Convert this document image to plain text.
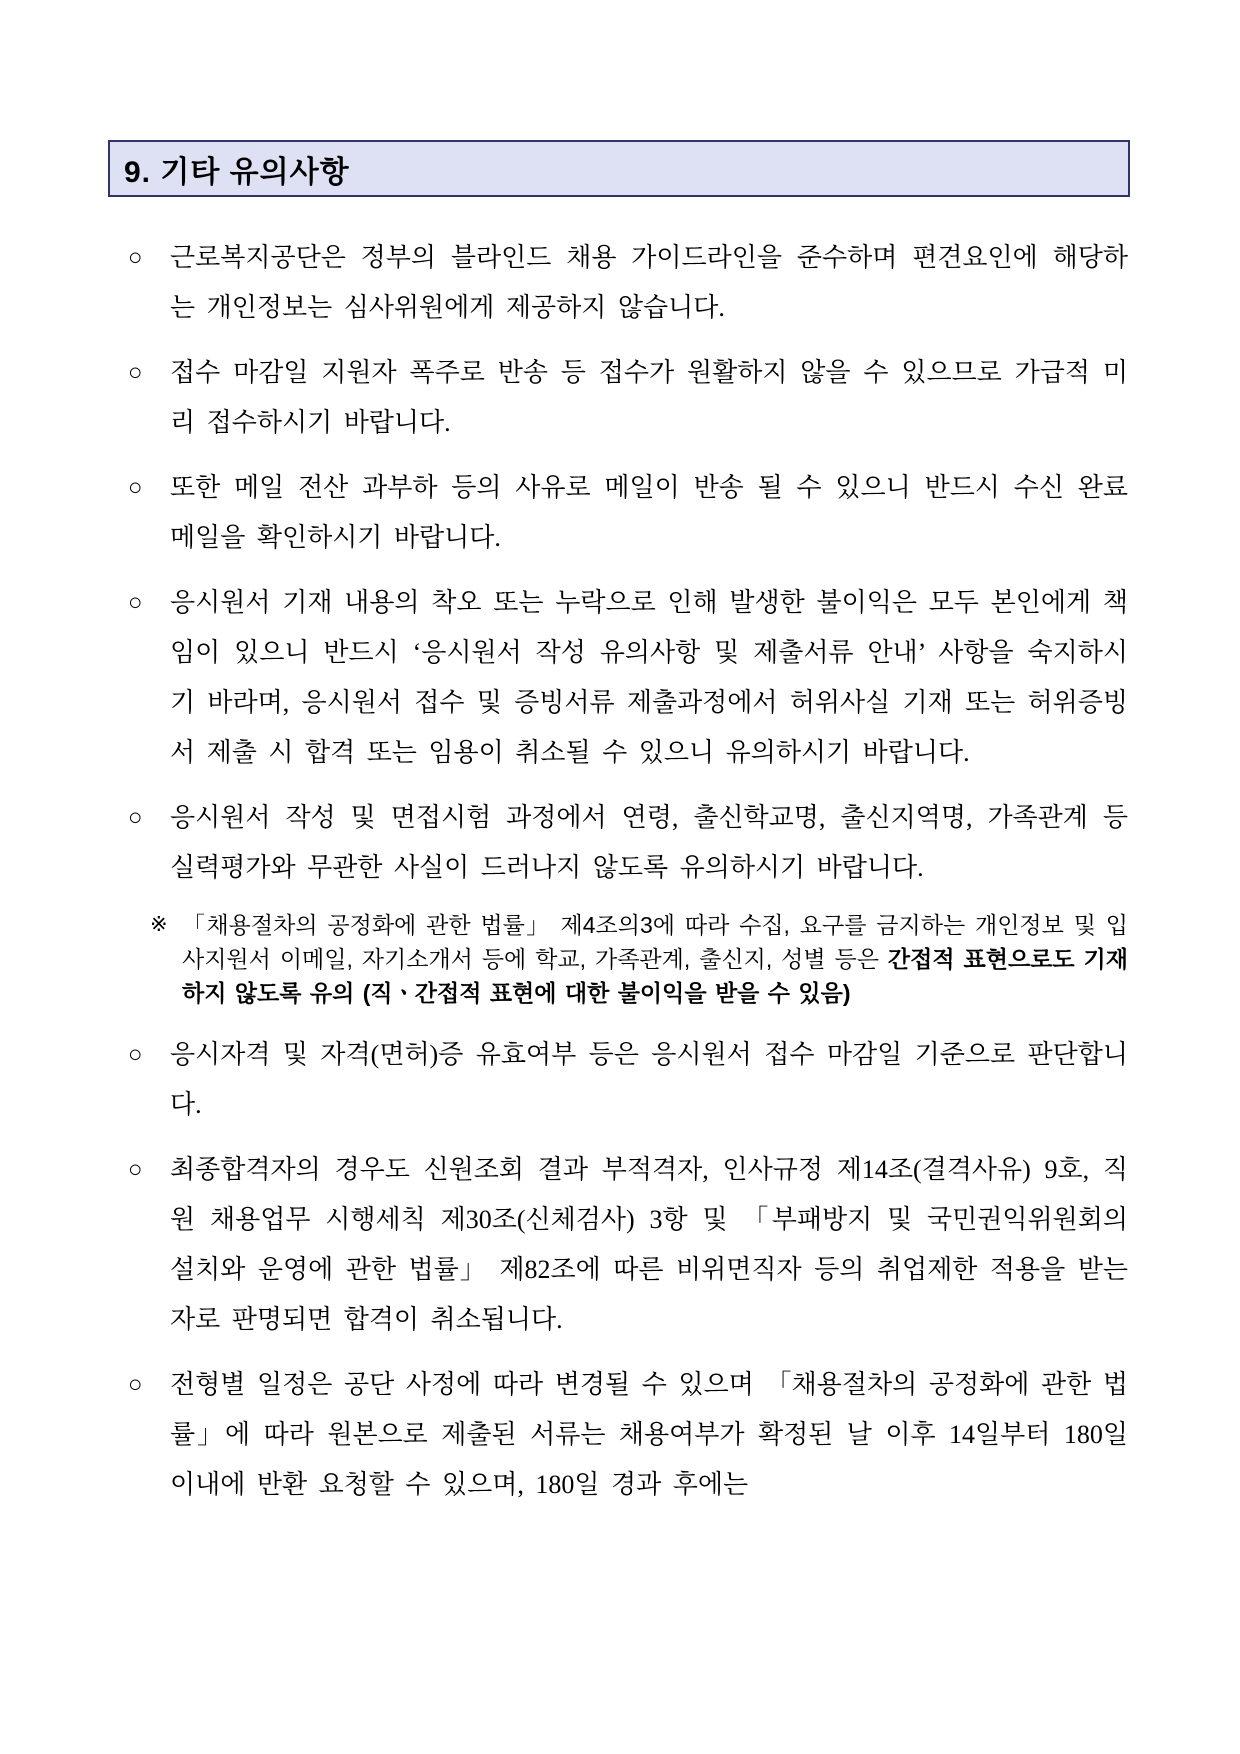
9. 기타 유의사항
○	근로복지공단은 정부의 블라인드 채용 가이드라인을 준수하며 편견요인에 해당하는 개인정보는 심사위원에게 제공하지 않습니다.
○	접수 마감일 지원자 폭주로 반송 등 접수가 원활하지 않을 수 있으므로 가급적 미리 접수하시기 바랍니다.
○	또한 메일 전산 과부하 등의 사유로 메일이 반송 될 수 있으니 반드시 수신 완료 메일을 확인하시기 바랍니다.
○	응시원서 기재 내용의 착오 또는 누락으로 인해 발생한 불이익은 모두 본인에게 책임이 있으니 반드시 ‘응시원서 작성 유의사항 및 제출서류 안내’ 사항을 숙지하시기 바라며, 응시원서 접수 및 증빙서류 제출과정에서 허위사실 기재 또는 허위증빙서 제출 시 합격 또는 임용이 취소될 수 있으니 유의하시기 바랍니다.
○	응시원서 작성 및 면접시험 과정에서 연령, 출신학교명, 출신지역명, 가족관계 등 실력평가와 무관한 사실이 드러나지 않도록 유의하시기 바랍니다.
※ 「채용절차의 공정화에 관한 법률」 제4조의3에 따라 수집, 요구를 금지하는 개인정보 및 입사지원서 이메일, 자기소개서 등에 학교, 가족관계, 출신지, 성별 등은 간접적 표현으로도 기재하지 않도록 유의 (직ㆍ간접적 표현에 대한 불이익을 받을 수 있음)
○	응시자격 및 자격(면허)증 유효여부 등은 응시원서 접수 마감일 기준으로 판단합니다.
○	최종합격자의 경우도 신원조회 결과 부적격자, 인사규정 제14조(결격사유) 9호, 직원 채용업무 시행세칙 제30조(신체검사) 3항 및 「부패방지 및 국민권익위원회의 설치와 운영에 관한 법률」 제82조에 따른 비위면직자 등의 취업제한 적용을 받는 자로 판명되면 합격이 취소됩니다.
○	전형별 일정은 공단 사정에 따라 변경될 수 있으며 「채용절차의 공정화에 관한 법률」에 따라 원본으로 제출된 서류는 채용여부가 확정된 날 이후 14일부터 180일 이내에 반환 요청할 수 있으며, 180일 경과 후에는
